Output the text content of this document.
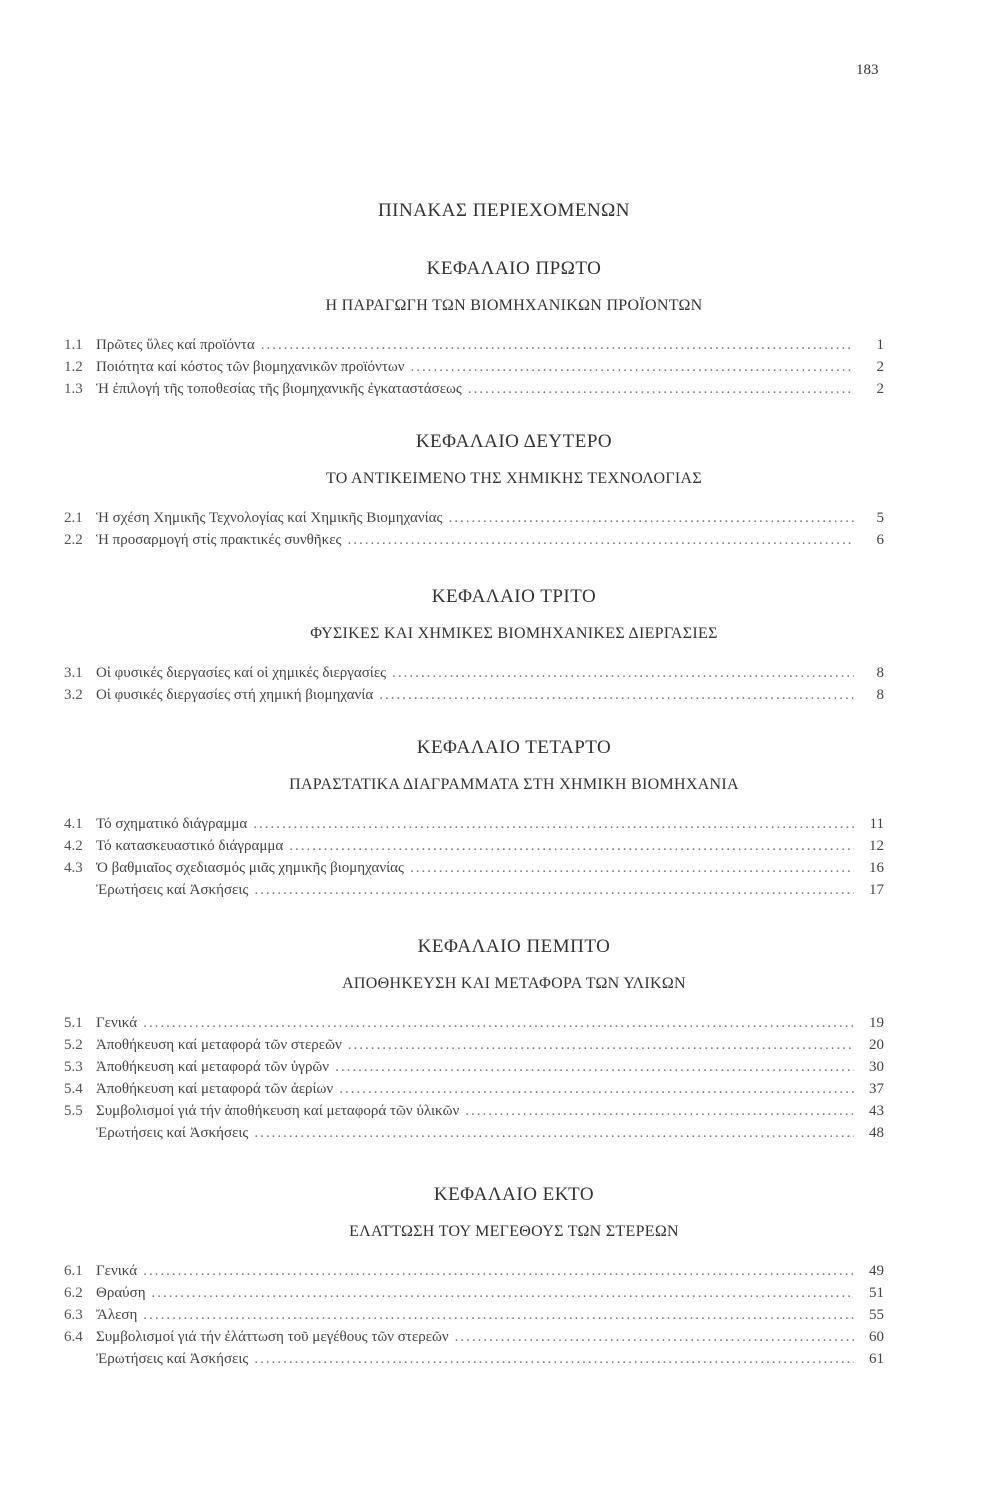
183
ΠΙΝΑΚΑΣ ΠΕΡΙΕΧΟΜΕΝΩΝ
ΚΕΦΑΛΑΙΟ ΠΡΩΤΟ
Η ΠΑΡΑΓΩΓΗ ΤΩΝ ΒΙΟΜΗΧΑΝΙΚΩΝ ΠΡΟΪΟΝΤΩΝ
1.1 Πρῶτες ὕλες καί προϊόντα .....	1
1.2 Ποιότητα καί κόστος τῶν βιομηχανικῶν προϊόντων .....	2
1.3 Ἡ ἐπιλογή τῆς τοποθεσίας τῆς βιομηχανικῆς ἐγκαταστάσεως .....	2
ΚΕΦΑΛΑΙΟ ΔΕΥΤΕΡΟ
ΤΟ ΑΝΤΙΚΕΙΜΕΝΟ ΤΗΣ ΧΗΜΙΚΗΣ ΤΕΧΝΟΛΟΓΙΑΣ
2.1 Ἡ σχέση Χημικῆς Τεχνολογίας καί Χημικῆς Βιομηχανίας .....	5
2.2 Ἡ προσαρμογή στίς πρακτικές συνθῆκες .....	6
ΚΕΦΑΛΑΙΟ ΤΡΙΤΟ
ΦΥΣΙΚΕΣ ΚΑΙ ΧΗΜΙΚΕΣ ΒΙΟΜΗΧΑΝΙΚΕΣ ΔΙΕΡΓΑΣΙΕΣ
3.1 Οἱ φυσικές διεργασίες καί οἱ χημικές διεργασίες .....	8
3.2 Οἱ φυσικές διεργασίες στή χημική βιομηχανία .....	8
ΚΕΦΑΛΑΙΟ ΤΕΤΑΡΤΟ
ΠΑΡΑΣΤΑΤΙΚΑ ΔΙΑΓΡΑΜΜΑΤΑ ΣΤΗ ΧΗΜΙΚΗ ΒΙΟΜΗΧΑΝΙΑ
4.1 Τό σχηματικό διάγραμμα .....	11
4.2 Τό κατασκευαστικό διάγραμμα .....	12
4.3 Ὁ βαθμιαῖος σχεδιασμός μιᾶς χημικῆς βιομηχανίας .....	16
Ἐρωτήσεις καί Ἀσκήσεις .....	17
ΚΕΦΑΛΑΙΟ ΠΕΜΠΤΟ
ΑΠΟΘΗΚΕΥΣΗ ΚΑΙ ΜΕΤΑΦΟΡΑ ΤΩΝ ΥΛΙΚΩΝ
5.1 Γενικά .....	19
5.2 Ἀποθήκευση καί μεταφορά τῶν στερεῶν .....	20
5.3 Ἀποθήκευση καί μεταφορά τῶν ὑγρῶν .....	30
5.4 Ἀποθήκευση καί μεταφορά τῶν ἀερίων .....	37
5.5 Συμβολισμοί γιά τήν ἀποθήκευση καί μεταφορά τῶν ὑλικῶν .....	43
Ἐρωτήσεις καί Ἀσκήσεις .....	48
ΚΕΦΑΛΑΙΟ ΕΚΤΟ
ΕΛΑΤΤΩΣΗ ΤΟΥ ΜΕΓΕΘΟΥΣ ΤΩΝ ΣΤΕΡΕΩΝ
6.1 Γενικά .....	49
6.2 Θραύση .....	51
6.3 Ἄλεση .....	55
6.4 Συμβολισμοί γιά τήν ἐλάττωση τοῦ μεγέθους τῶν στερεῶν .....	60
Ἐρωτήσεις καί Ἀσκήσεις .....	61
